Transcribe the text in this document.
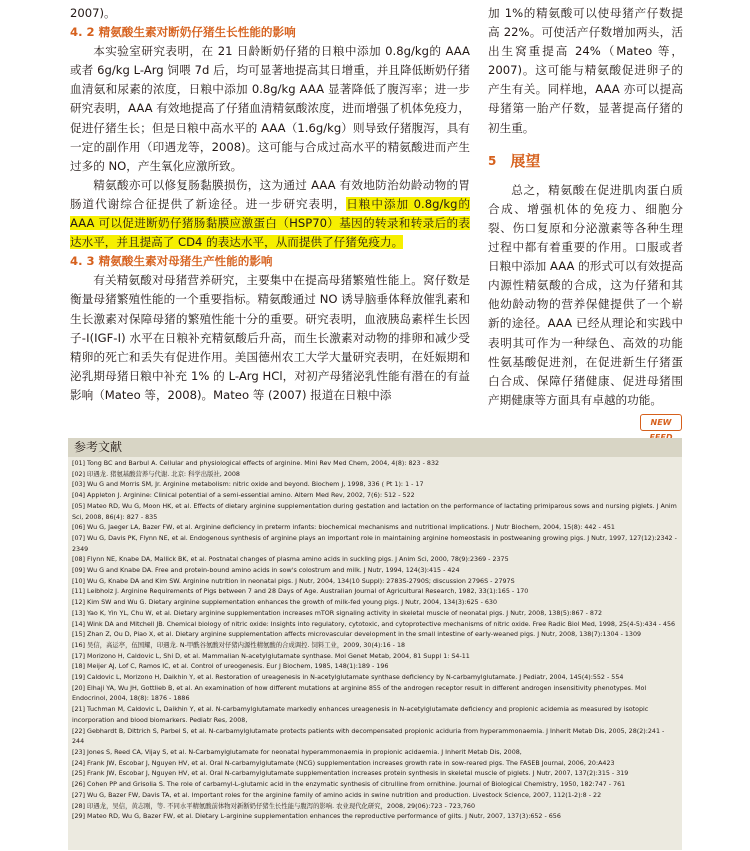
2007)。

4. 2 精氨酸生素对断奶仔猪生长性能的影响

本实验室研究表明，在 21 日龄断奶仔猪的日粮中添加 0.8g/kg的 AAA 或者 6g/kg L-Arg 饲喂 7d 后，均可显著地提高其日增重，并且降低断奶仔猪血清氨和尿素的浓度，日粮中添加 0.8g/kg AAA 显著降低了腹泻率；进一步研究表明，AAA 有效地提高了仔猪血清精氨酸浓度，进而增强了机体免疫力，促进仔猪生长；但是日粮中高水平的 AAA（1.6g/kg）则导致仔猪腹泻，具有一定的副作用（印遇龙等，2008)。这可能与合成过高水平的精氨酸进而产生过多的 NO，产生氧化应激所致。

精氨酸亦可以修复肠黏膜损伤，这为通过 AAA 有效地防治幼龄动物的胃肠道代谢综合征提供了新途径。进一步研究表明，日粮中添加 0.8g/kg的 AAA 可以促进断奶仔猪肠黏膜应激蛋白（HSP70）基因的转录和转录后的表达水平，并且提高了 CD4 的表达水平，从而提供了仔猪免疫力。

4. 3 精氨酸生素对母猪生产性能的影响

有关精氨酸对母猪营养研究，主要集中在提高母猪繁殖性能上。窝仔数是衡量母猪繁殖性能的一个重要指标。精氨酸通过 NO 诱导脑垂体释放催乳素和生长激素对保障母猪的繁殖性能十分的重要。研究表明，血液胰岛素样生长因子-Ⅰ(IGF-Ⅰ) 水平在日粮补充精氨酸后升高，而生长激素对动物的排卵和减少受精卵的死亡和丢失有促进作用。美国德州农工大学大量研究表明，在妊娠期和泌乳期母猪日粮中补充 1% 的 L-Arg HCl，对初产母猪泌乳性能有潜在的有益影响（Mateo 等，2008)。Mateo 等 (2007) 报道在日粮中添

加 1%的精氨酸可以使母猪产仔数提高 22%。可使活产仔数增加两头，活出生窝重提高 24%（Mateo 等，2007)。这可能与精氨酸促进卵子的产生有关。同样地，AAA 亦可以提高母猪第一胎产仔数，显著提高仔猪的初生重。

5 展望

总之，精氨酸在促进肌肉蛋白质合成、增强机体的免疫力、细胞分裂、伤口复原和分泌激素等各种生理过程中都有着重要的作用。口服或者日粮中添加 AAA 的形式可以有效提高内源性精氨酸的合成，这为仔猪和其他幼龄动物的营养保健提供了一个崭新的途径。AAA 已经从理论和实践中表明其可作为一种绿色、高效的功能性氨基酸促进剂，在促进新生仔猪蛋白合成、保障仔猪健康、促进母猪围产期健康等方面具有卓越的功能。

NEW
参考文献
[01] Tong BC and Barbul A. Cellular and physiological effects of arginine. Mini Rev Med Chem, 2004, 4(8): 823 - 832
[02] 印遇龙. 猪氨基酸营养与代谢. 北京: 科学出版社, 2008
[03] Wu G and Morris SM, Jr. Arginine metabolism: nitric oxide and beyond. Biochem J, 1998, 336 ( Pt 1): 1 - 17
[04] Appleton J. Arginine: Clinical potential of a semi-essential amino. Altern Med Rev, 2002, 7(6): 512 - 522
[05] Mateo RD, Wu G, Moon HK, et al. Effects of dietary arginine supplementation during gestation and lactation on the performance of lactating primiparous sows and nursing piglets. J Anim Sci, 2008, 86(4): 827 - 835
[06] Wu G, Jaeger LA, Bazer FW, et al. Arginine deficiency in preterm infants: biochemical mechanisms and nutritional implications. J Nutr Biochem, 2004, 15(8): 442 - 451
[07] Wu G, Davis PK, Flynn NE, et al. Endogenous synthesis of arginine plays an important role in maintaining arginine homeostasis in postweaning growing pigs. J Nutr, 1997, 127(12):2342 - 2349
[08] Flynn NE, Knabe DA, Mallick BK, et al. Postnatal changes of plasma amino acids in suckling pigs. J Anim Sci, 2000, 78(9):2369 - 2375
[09] Wu G and Knabe DA. Free and protein-bound amino acids in sow's colostrum and milk. J Nutr, 1994, 124(3):415 - 424
[10] Wu G, Knabe DA and Kim SW. Arginine nutrition in neonatal pigs. J Nutr, 2004, 134(10 Suppl): 2783S-2790S; discussion 2796S - 2797S
[11] Leibholz J. Arginine Requirements of Pigs between 7 and 28 Days of Age. Australian Journal of Agricultural Research, 1982, 33(1):165 - 170
[12] Kim SW and Wu G. Dietary arginine supplementation enhances the growth of milk-fed young pigs. J Nutr, 2004, 134(3):625 - 630
[13] Yao K, Yin YL, Chu W, et al. Dietary arginine supplementation increases mTOR signaling activity in skeletal muscle of neonatal pigs. J Nutr, 2008, 138(5):867 - 872
[14] Wink DA and Mitchell JB. Chemical biology of nitric oxide: Insights into regulatory, cytotoxic, and cytoprotective mechanisms of nitric oxide. Free Radic Biol Med, 1998, 25(4-5):434 - 456
[15] Zhan Z, Ou D, Piao X, et al. Dietary arginine supplementation affects microvascular development in the small intestine of early-weaned pigs. J Nutr, 2008, 138(7):1304 - 1309
[16] 吴信，高运亭，伍国耀，印遇龙. N-甲酰谷氨酸对仔猪内源性精氨酸的合成调控. 饲料工业，2009, 30(4):16 - 18
[17] Morizono H, Caldovic L, Shi D, et al. Mammalian N-acetylglutamate synthase. Mol Genet Metab, 2004, 81 Suppl 1: S4-11
[18] Meijer AJ, Lof C, Ramos IC, et al. Control of ureogenesis. Eur J Biochem, 1985, 148(1):189 - 196
[19] Caldovic L, Morizono H, Daikhin Y, et al. Restoration of ureagenesis in N-acetylglutamate synthase deficiency by N-carbamylglutamate. J Pediatr, 2004, 145(4):552 - 554
[20] Elhaji YA, Wu JH, Gottlieb B, et al. An examination of how different mutations at arginine 855 of the androgen receptor result in different androgen insensitivity phenotypes. Mol Endocrinol, 2004, 18(8): 1876 - 1886
[21] Tuchman M, Caldovic L, Daikhin Y, et al. N-carbamylglutamate markedly enhances ureagenesis in N-acetylglutamate deficiency and propionic acidemia as measured by isotopic incorporation and blood biomarkers. Pediatr Res, 2008,
[22] Gebhardt B, Dittrich S, Parbel S, et al. N-carbamylglutamate protects patients with decompensated propionic aciduria from hyperammonaemia. J Inherit Metab Dis, 2005, 28(2):241 - 244
[23] Jones S, Reed CA, Vijay S, et al. N-Carbamylglutamate for neonatal hyperammonaemia in propionic acidaemia. J Inherit Metab Dis, 2008,
[24] Frank JW, Escobar J, Nguyen HV, et al. Oral N-carbamylglutamate (NCG) supplementation increases growth rate in sow-reared pigs. The FASEB Journal, 2006, 20:A423
[25] Frank JW, Escobar J, Nguyen HV, et al. Oral N-carbamylglutamate supplementation increases protein synthesis in skeletal muscle of piglets. J Nutr, 2007, 137(2):315 - 319
[26] Cohen PP and Grisolia S. The role of carbamyl-L-glutamic acid in the enzymatic synthesis of citrulline from ornithine. Journal of Biological Chemistry, 1950, 182:747 - 761
[27] Wu G, Bazer FW, Davis TA, et al. Important roles for the arginine family of amino acids in swine nutrition and production. Livestock Science, 2007, 112(1-2):8 - 22
[28] 印遇龙，吴信，黄志刚，等. 不同水平精氨酸前体物对新断奶仔猪生长性能与腹泻的影响. 农业现代化研究，2008, 29(06):723 - 723,760
[29] Mateo RD, Wu G, Bazer FW, et al. Dietary L-arginine supplementation enhances the reproductive performance of gilts. J Nutr, 2007, 137(3):652 - 656
